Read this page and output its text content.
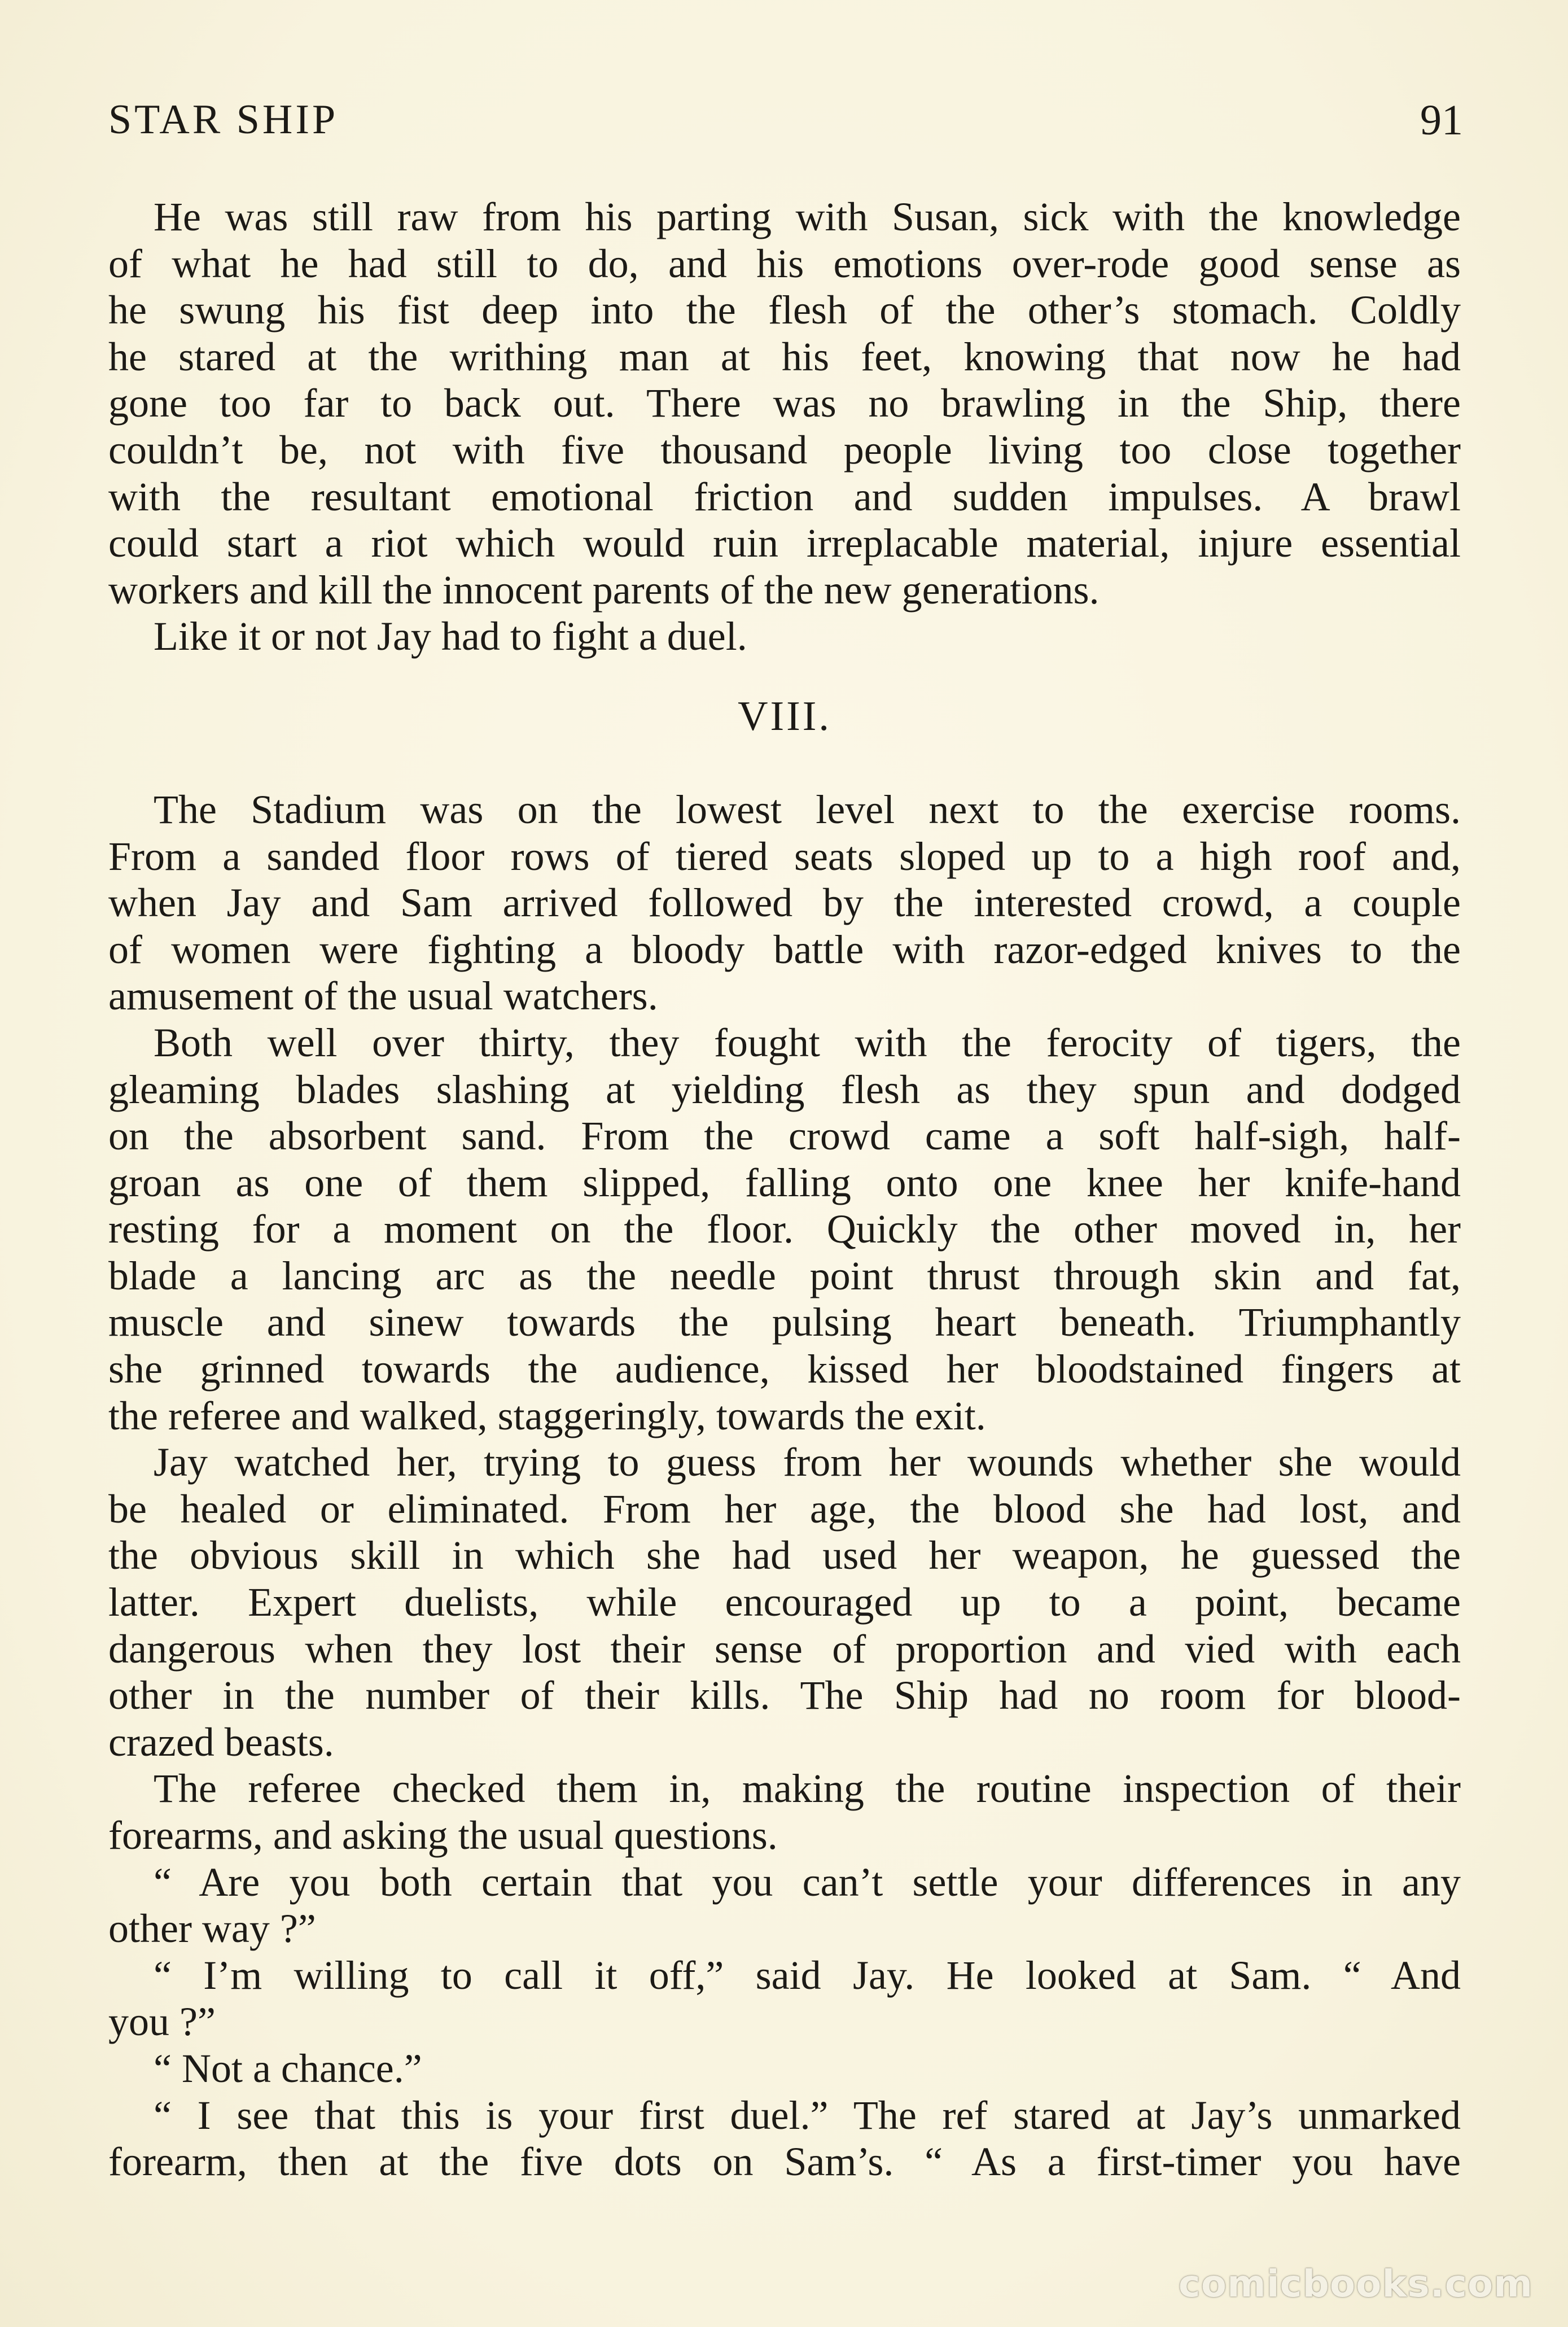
STAR SHIP	91
He was still raw from his parting with Susan, sick with the knowledge
of what he had still to do, and his emotions over-rode good sense as
he swung his fist deep into the flesh of the other’s stomach. Coldly
he stared at the writhing man at his feet, knowing that now he had
gone too far to back out. There was no brawling in the Ship, there
couldn’t be, not with five thousand people living too close together
with the resultant emotional friction and sudden impulses. A brawl
could start a riot which would ruin irreplacable material, injure essential
workers and kill the innocent parents of the new generations.
Like it or not Jay had to fight a duel.
VIII.
The Stadium was on the lowest level next to the exercise rooms.
From a sanded floor rows of tiered seats sloped up to a high roof and,
when Jay and Sam arrived followed by the interested crowd, a couple
of women were fighting a bloody battle with razor-edged knives to the
amusement of the usual watchers.
Both well over thirty, they fought with the ferocity of tigers, the
gleaming blades slashing at yielding flesh as they spun and dodged
on the absorbent sand. From the crowd came a soft half-sigh, half-
groan as one of them slipped, falling onto one knee her knife-hand
resting for a moment on the floor. Quickly the other moved in, her
blade a lancing arc as the needle point thrust through skin and fat,
muscle and sinew towards the pulsing heart beneath. Triumphantly
she grinned towards the audience, kissed her bloodstained fingers at
the referee and walked, staggeringly, towards the exit.
Jay watched her, trying to guess from her wounds whether she would
be healed or eliminated. From her age, the blood she had lost, and
the obvious skill in which she had used her weapon, he guessed the
latter. Expert duelists, while encouraged up to a point, became
dangerous when they lost their sense of proportion and vied with each
other in the number of their kills. The Ship had no room for blood-
crazed beasts.
The referee checked them in, making the routine inspection of their
forearms, and asking the usual questions.
“ Are you both certain that you can’t settle your differences in any
other way ?”
“ I’m willing to call it off,” said Jay. He looked at Sam. “ And
you ?”
“ Not a chance.”
“ I see that this is your first duel.” The ref stared at Jay’s unmarked
forearm, then at the five dots on Sam’s. “ As a first-timer you have
comicbooks.com
